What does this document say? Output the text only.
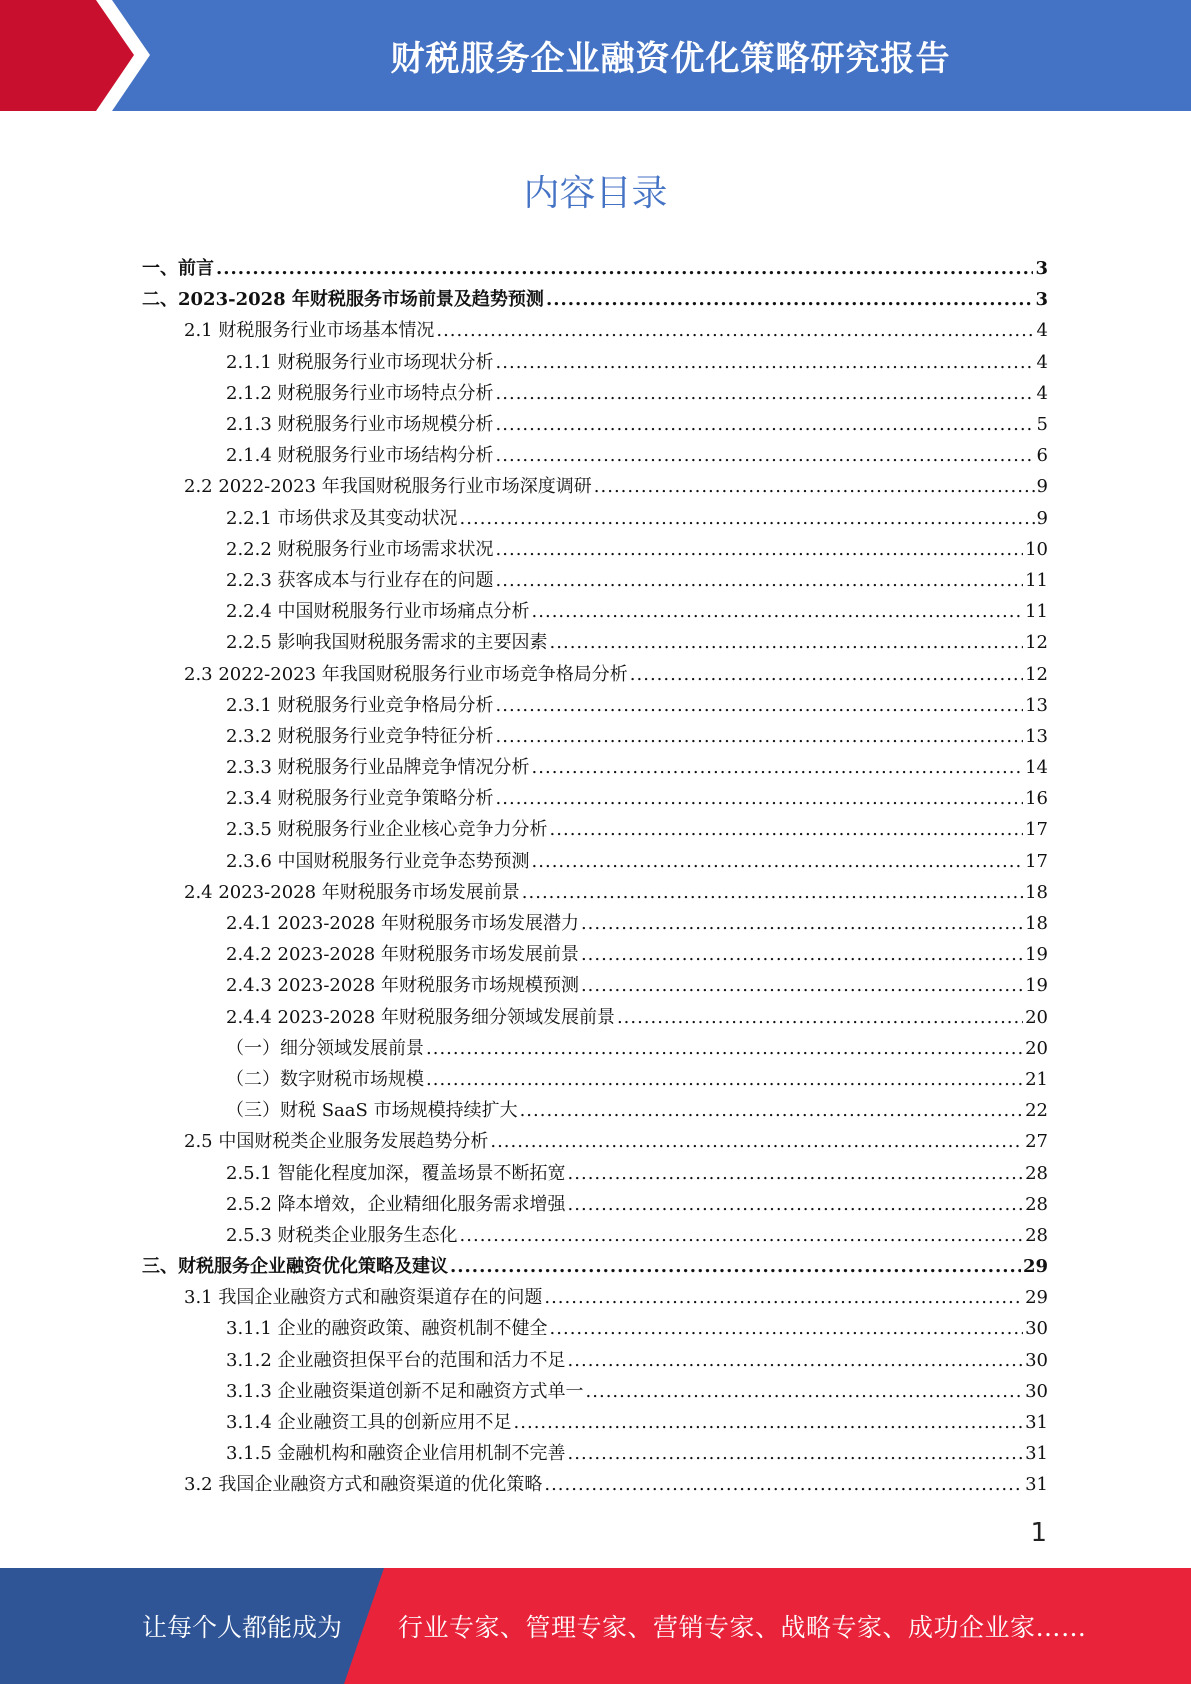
财税服务企业融资优化策略研究报告
内容目录
一、前言 .....	3
二、2023-2028 年财税服务市场前景及趋势预测 .....	3
2.1 财税服务行业市场基本情况 .....	4
2.1.1 财税服务行业市场现状分析 .....	4
2.1.2 财税服务行业市场特点分析 .....	4
2.1.3 财税服务行业市场规模分析 .....	5
2.1.4 财税服务行业市场结构分析 .....	6
2.2 2022-2023 年我国财税服务行业市场深度调研 .....	9
2.2.1 市场供求及其变动状况 .....	9
2.2.2 财税服务行业市场需求状况 .....	10
2.2.3 获客成本与行业存在的问题 .....	11
2.2.4 中国财税服务行业市场痛点分析 .....	11
2.2.5 影响我国财税服务需求的主要因素 .....	12
2.3 2022-2023 年我国财税服务行业市场竞争格局分析 .....	12
2.3.1 财税服务行业竞争格局分析 .....	13
2.3.2 财税服务行业竞争特征分析 .....	13
2.3.3 财税服务行业品牌竞争情况分析 .....	14
2.3.4 财税服务行业竞争策略分析 .....	16
2.3.5 财税服务行业企业核心竞争力分析 .....	17
2.3.6 中国财税服务行业竞争态势预测 .....	17
2.4 2023-2028 年财税服务市场发展前景 .....	18
2.4.1 2023-2028 年财税服务市场发展潜力 .....	18
2.4.2 2023-2028 年财税服务市场发展前景 .....	19
2.4.3 2023-2028 年财税服务市场规模预测 .....	19
2.4.4 2023-2028 年财税服务细分领域发展前景 .....	20
（一）细分领域发展前景 .....	20
（二）数字财税市场规模 .....	21
（三）财税 SaaS 市场规模持续扩大 .....	22
2.5 中国财税类企业服务发展趋势分析 .....	27
2.5.1 智能化程度加深，覆盖场景不断拓宽 .....	28
2.5.2 降本增效，企业精细化服务需求增强 .....	28
2.5.3 财税类企业服务生态化 .....	28
三、财税服务企业融资优化策略及建议 .....	29
3.1 我国企业融资方式和融资渠道存在的问题 .....	29
3.1.1 企业的融资政策、融资机制不健全 .....	30
3.1.2 企业融资担保平台的范围和活力不足 .....	30
3.1.3 企业融资渠道创新不足和融资方式单一 .....	30
3.1.4 企业融资工具的创新应用不足 .....	31
3.1.5 金融机构和融资企业信用机制不完善 .....	31
3.2 我国企业融资方式和融资渠道的优化策略 .....	31
1
让每个人都能成为 行业专家、管理专家、营销专家、战略专家、成功企业家……
